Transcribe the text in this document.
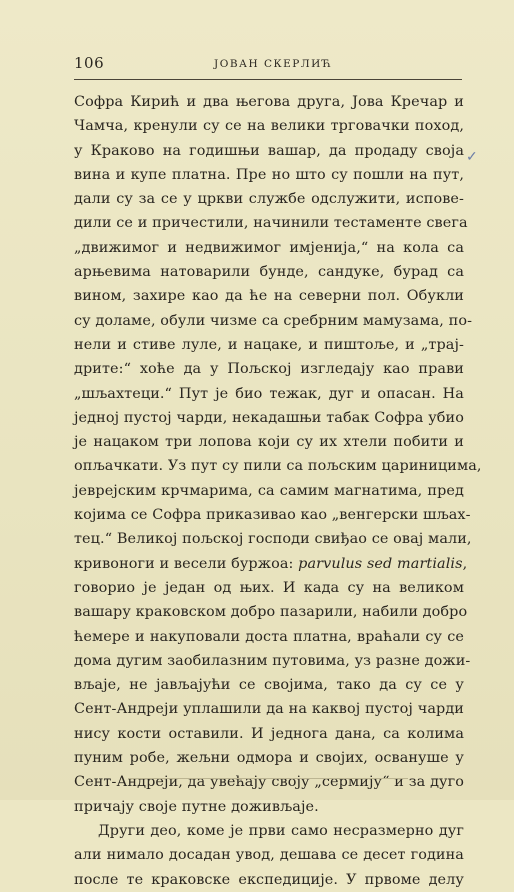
106	ЈОВАН СКЕРЛИЋ
✓
Софра Кирић и два његова друга, Јова Кречар и
Чамча, кренули су се на велики трговачки поход,
у Краково на годишњи вашар, да продаду своја
вина и купе платна. Пре но што су пошли на пут,
дали су за се у цркви службе одслужити, испове-
дили се и причестили, начинили тестаменте свега
„движимог и недвижимог имјенија,“ на кола са
арњевима натоварили бунде, сандуке, бурад са
вином, захире као да ће на северни пол. Обукли
су доламе, обули чизме са сребрним мамузама, по-
нели и стиве луле, и нацаке, и пиштоље, и „трај-
дрите:“ хоће да у Пољској изгледају као прави
„шљахтеци.“ Пут је био тежак, дуг и опасан. На
једној пустој чарди, некадашњи табак Софра убио
је нацаком три лопова који су их хтели побити и
опљачкати. Уз пут су пили са пољским цариницима,
јеврејским крчмарима, са самим магнатима, пред
којима се Софра приказивао као „венгерски шљах-
тец.“ Великој пољској господи свиђао се овај мали,
кривоноги и весели буржоа: parvulus sed martialis,
говорио је један од њих. И када су на великом
вашару краковском добро пазарили, набили добро
ћемере и накуповали доста платна, враћали су се
дома дугим заобилазним путовима, уз разне дожи-
вљаје, не јављајући се својима, тако да су се у
Сент-Андреји уплашили да на каквој пустој чарди
нису кости оставили. И једнога дана, са колима
пуним робе, жељни одмора и својих, освануше у
Сент-Андреји, да увећају своју „сермију“ и за дуго
причају своје путне доживљаје.
Други део, коме је први само несразмерно дуг
али нимало досадан увод, дешава се десет година
после те краковске експедиције. У првоме делу
